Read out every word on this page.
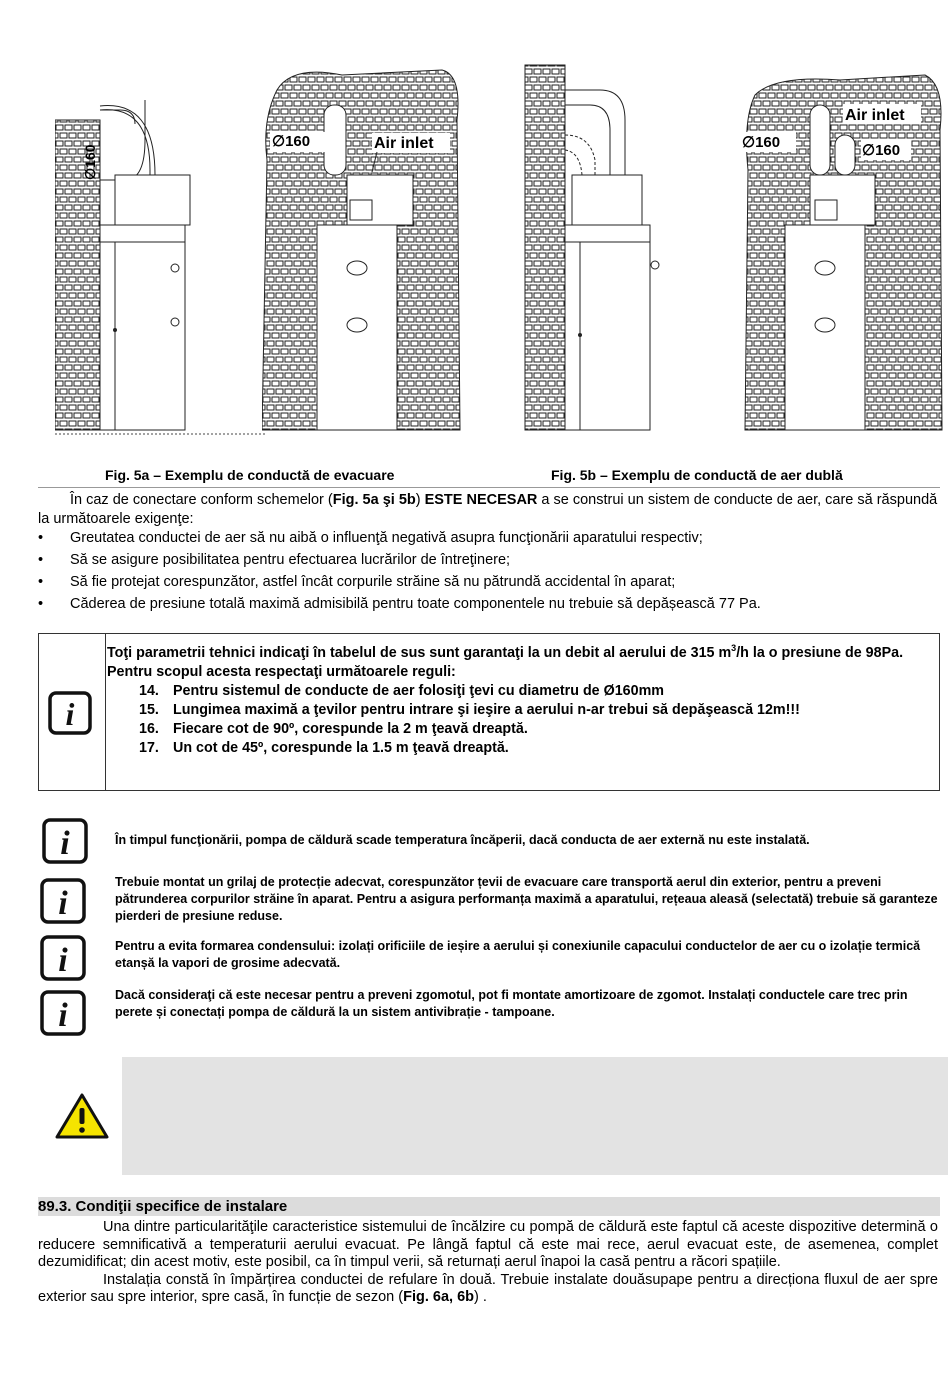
∅160
∅160	Air inlet
Air inlet
∅160	∅160
Fig. 5a – Exemplu de conductă de evacuare	Fig. 5b – Exemplu de conductă de aer dublă
În caz de conectare conform schemelor (Fig. 5a şi 5b) ESTE NECESAR a se construi un sistem de conducte de aer, care să răspundă la următoarele exigenţe:
• Greutatea conductei de aer să nu aibă o influenţă negativă asupra funcţionării aparatului respectiv;
• Să se asigure posibilitatea pentru efectuarea lucrărilor de întreţinere;
• Să fie protejat corespunzător, astfel încât corpurile străine să nu pătrundă accidental în aparat;
• Căderea de presiune totală maximă admisibilă pentru toate componentele nu trebuie să depășească 77 Pa.
i
Toţi parametrii tehnici indicaţi în tabelul de sus sunt garantaţi la un debit al aerului de 315 $m^3/h$ la o presiune de 98Pa. Pentru scopul acesta respectaţi următoarele reguli:
14. Pentru sistemul de conducte de aer folosiţi ţevi cu diametru de Ø160mm
15. Lungimea maximă a ţevilor pentru intrare şi ieşire a aerului n-ar trebui să depăşească 12m!!!
16. Fiecare cot de 90º, corespunde la 2 m ţeavă dreaptă.
17. Un cot de 45º, corespunde la 1.5 m ţeavă dreaptă.
i	În timpul funcţionării, pompa de căldură scade temperatura încăperii, dacă conducta de aer externă nu este instalată.
i
Trebuie montat un grilaj de protecție adecvat, corespunzător țevii de evacuare care transportă aerul din exterior, pentru a preveni pătrunderea corpurilor străine în aparat. Pentru a asigura performanța maximă a aparatului, rețeaua aleasă (selectată) trebuie să garanteze pierderi de presiune reduse.
i	Pentru a evita formarea condensului: izolați orificiile de ieșire a aerului și conexiunile capacului conductelor de aer cu o izolație termică etanșă la vapori de grosime adecvată.
i
Dacă consideraţi că este necesar pentru a preveni zgomotul, pot fi montate amortizoare de zgomot. Instalați conductele care trec prin perete și conectați pompa de căldură la un sistem antivibrație - tampoane.
89.3. Condiţii specifice de instalare
Una dintre particularităţile caracteristice sistemului de încălzire cu pompă de căldură este faptul că aceste dispozitive determină o reducere semnificativă a temperaturii aerului evacuat. Pe lângă faptul că este mai rece, aerul evacuat este, de asemenea, complet dezumidificat; din acest motiv, este posibil, ca în timpul verii, să returnați aerul înapoi la casă pentru a răcori spațiile.
Instalația constă în împărțirea conductei de refulare în două. Trebuie instalate douăsupape pentru a direcționa fluxul de aer spre exterior sau spre interior, spre casă, în funcție de sezon (Fig. 6a, 6b) .
